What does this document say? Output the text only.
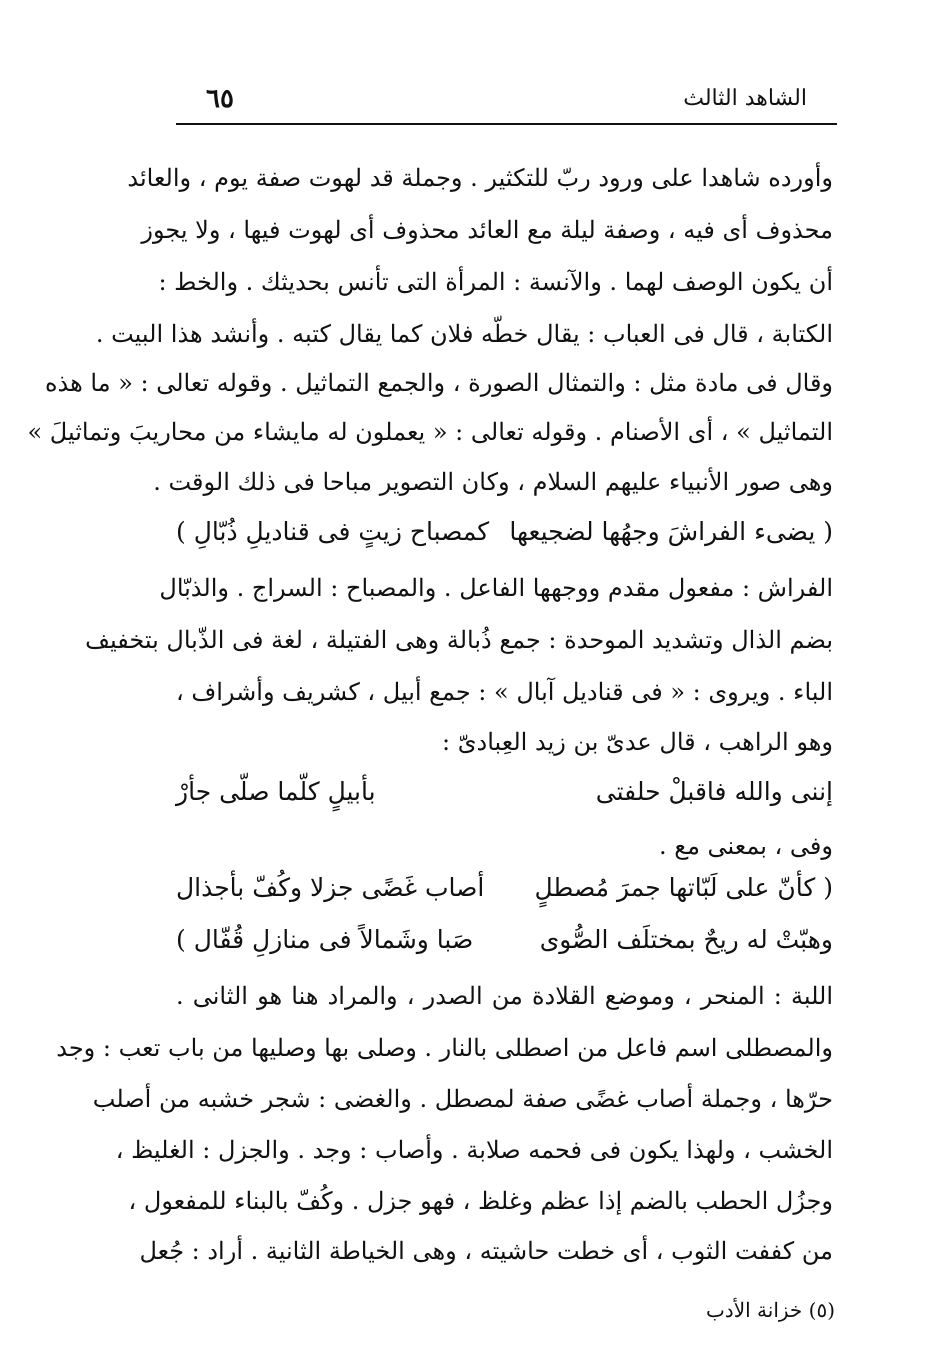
الشاهد الثالث
٦٥
وأورده شاهدا على ورود ربّ للتكثير . وجملة قد لهوت صفة يوم ، والعائد
محذوف أى فيه ، وصفة ليلة مع العائد محذوف أى لهوت فيها ، ولا يجوز
أن يكون الوصف لهما . والآنسة : المرأة التى تأنس بحديثك . والخط :
الكتابة ، قال فى العباب : يقال خطّه فلان كما يقال كتبه . وأنشد هذا البيت .
وقال فى مادة مثل : والتمثال الصورة ، والجمع التماثيل . وقوله تعالى : « ما هذه
التماثيل » ، أى الأصنام . وقوله تعالى : « يعملون له مايشاء من محاريبَ وتماثيلَ »
وهى صور الأنبياء عليهم السلام ، وكان التصوير مباحا فى ذلك الوقت .
( يضىء الفراشَ وجهُها لضجيعها
كمصباح زيتٍ فى قناديلِ ذُبّالِ )
الفراش : مفعول مقدم ووجهها الفاعل . والمصباح : السراج . والذبّال
بضم الذال وتشديد الموحدة : جمع ذُبالة وهى الفتيلة ، لغة فى الذّبال بتخفيف
الباء . ويروى : « فى قناديل آبال » : جمع أبيل ، كشريف وأشراف ،
وهو الراهب ، قال عدىّ بن زيد العِبادىّ :
إننى والله فاقبلْ حلفتى
بأبيلٍ كلّما صلّى جأرْ
وفى ، بمعنى مع .
( كأنّ على لَبّاتها جمرَ مُصطلٍ
أصاب غَضًى جزلا وكُفّ بأجذال
وهبّتْ له ريحٌ بمختلَف الصُّوى
صَبا وشَمالاً فى منازلِ قُفّال )
اللبة : المنحر ، وموضع القلادة من الصدر ، والمراد هنا هو الثانى .
والمصطلى اسم فاعل من اصطلى بالنار . وصلى بها وصليها من باب تعب : وجد
حرّها ، وجملة أصاب غضًى صفة لمصطل . والغضى : شجر خشبه من أصلب
الخشب ، ولهذا يكون فى فحمه صلابة . وأصاب : وجد . والجزل : الغليظ ،
وجزُل الحطب بالضم إذا عظم وغلظ ، فهو جزل . وكُفّ بالبناء للمفعول ،
من كففت الثوب ، أى خطت حاشيته ، وهى الخياطة الثانية . أراد : جُعل
(٥) خزانة الأدب
